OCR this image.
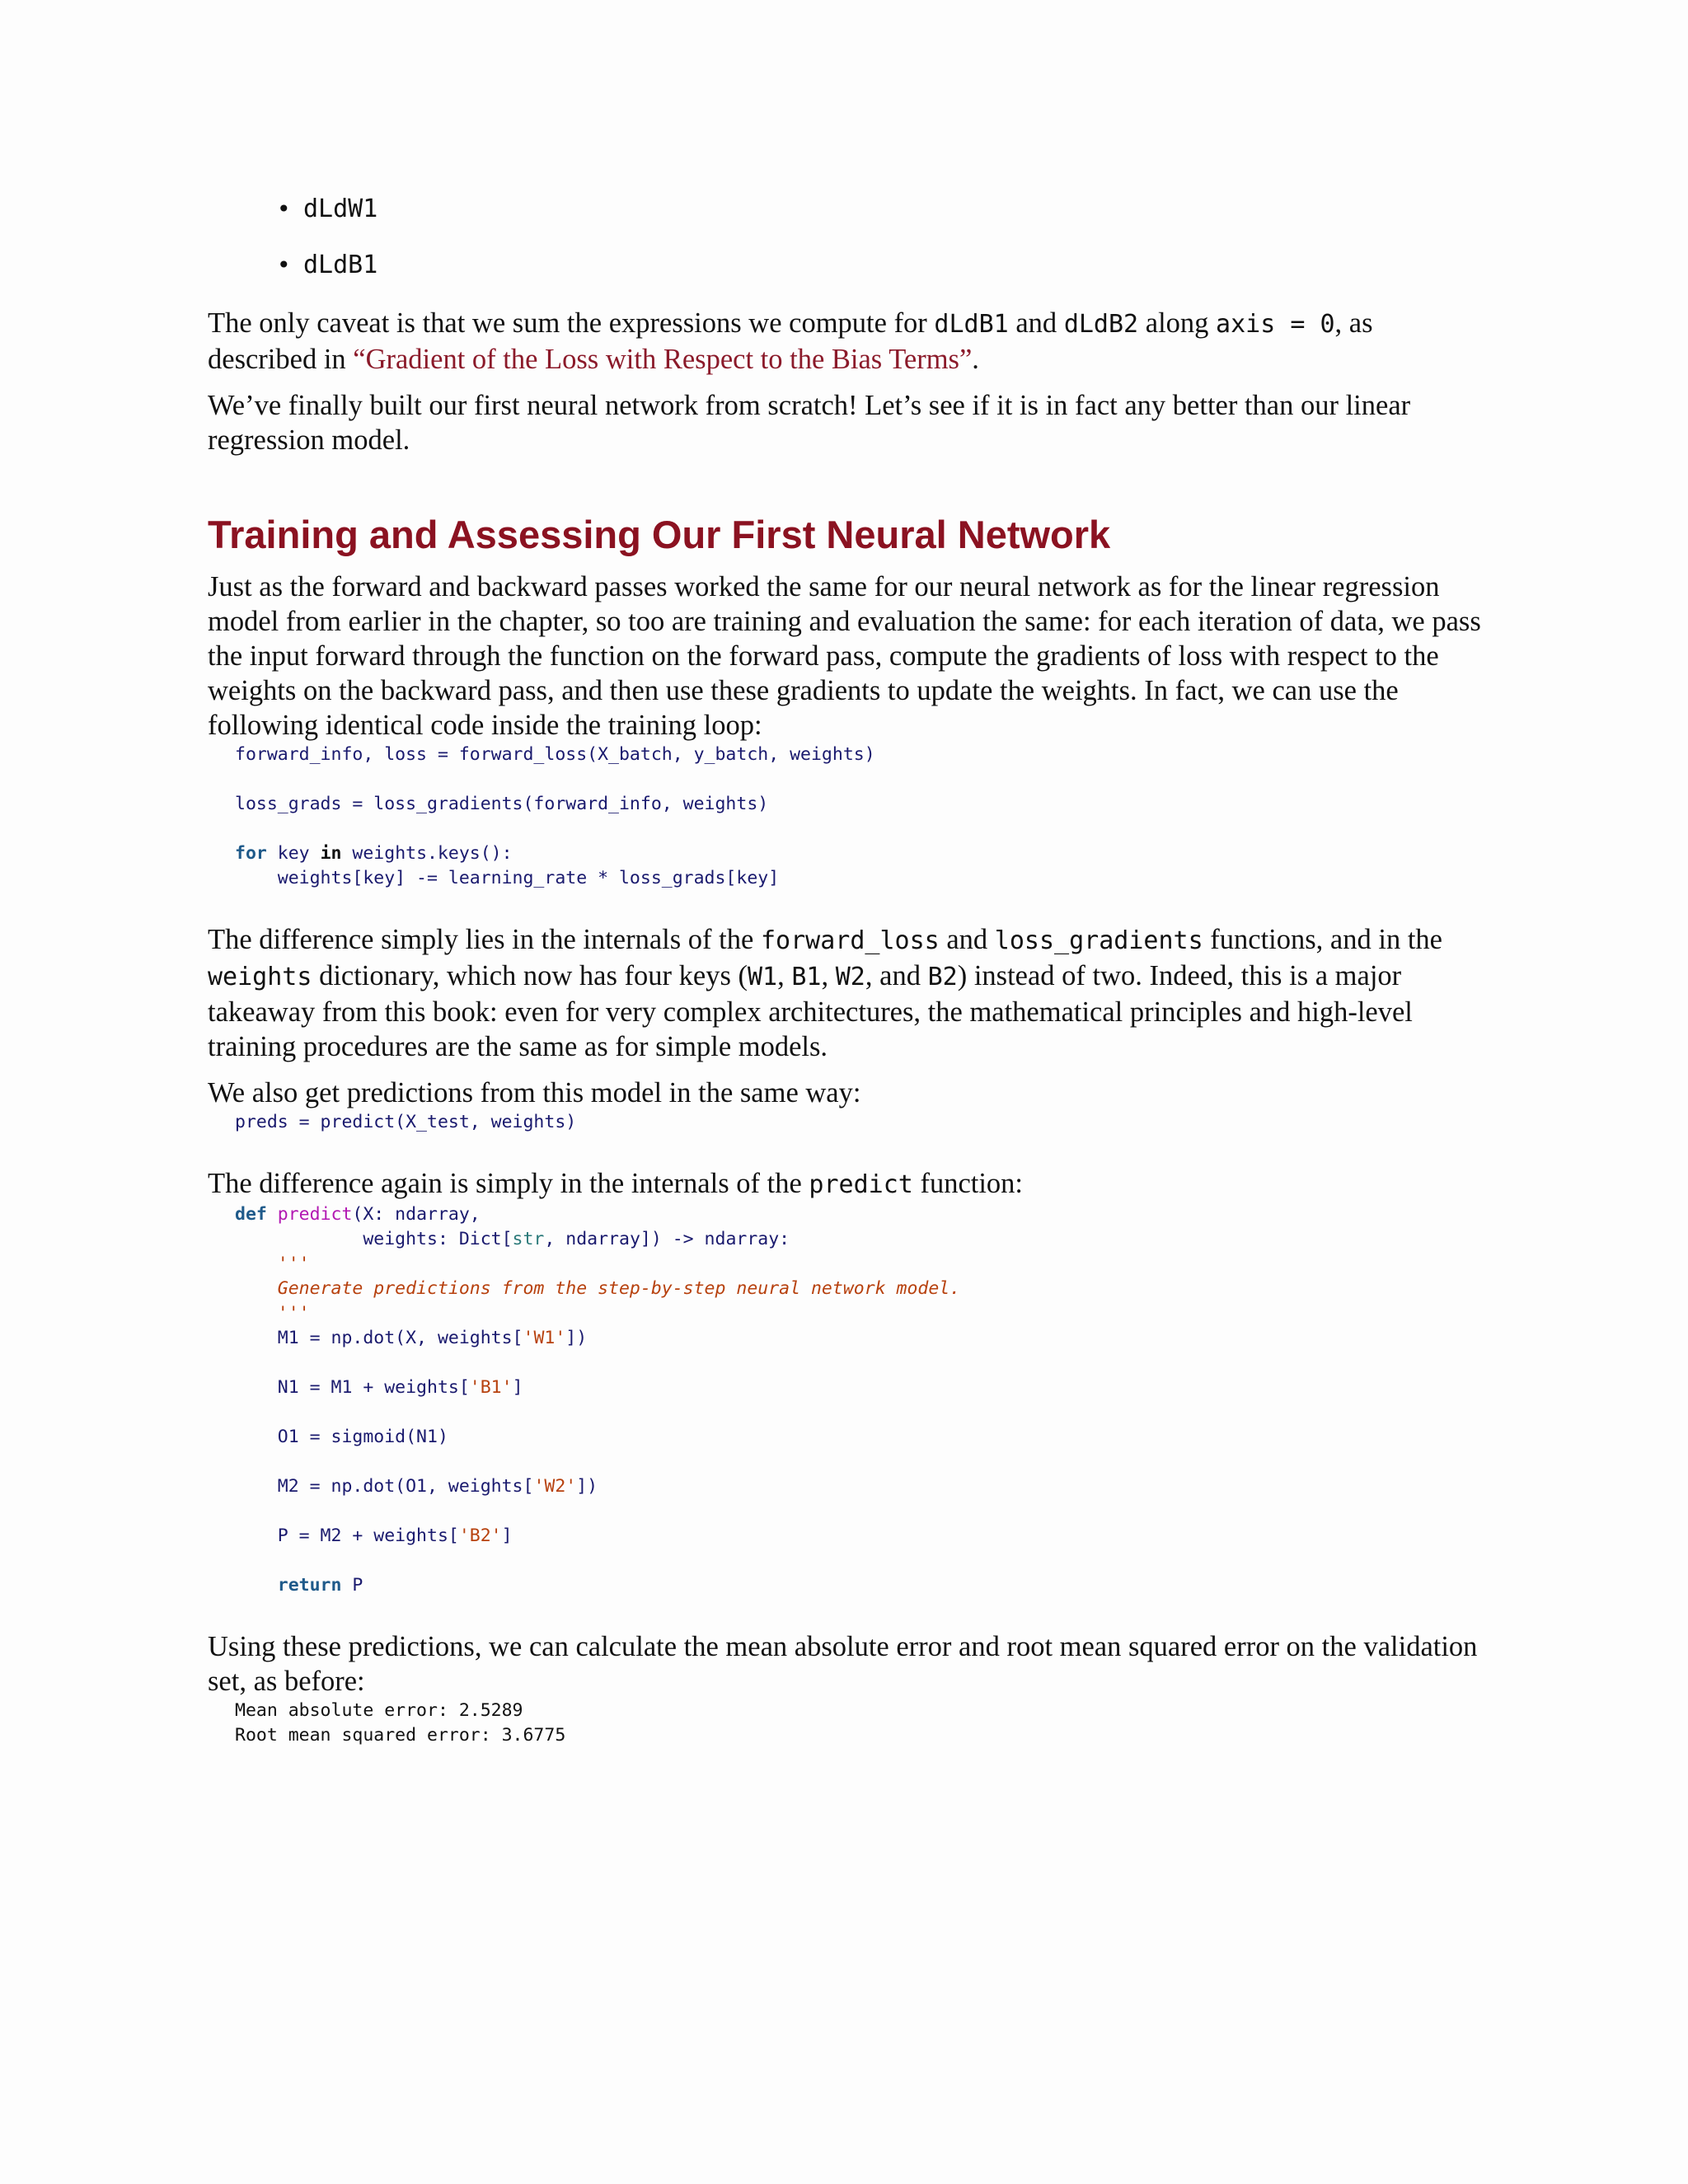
• dLdW1
• dLdB1

The only caveat is that we sum the expressions we compute for dLdB1 and dLdB2 along axis = 0, as described in “Gradient of the Loss with Respect to the Bias Terms”.

We’ve finally built our first neural network from scratch! Let’s see if it is in fact any better than our linear regression model.

Training and Assessing Our First Neural Network

Just as the forward and backward passes worked the same for our neural network as for the linear regression model from earlier in the chapter, so too are training and evaluation the same: for each iteration of data, we pass the input forward through the function on the forward pass, compute the gradients of loss with respect to the weights on the backward pass, and then use these gradients to update the weights. In fact, we can use the following identical code inside the training loop:

forward_info, loss = forward_loss(X_batch, y_batch, weights)

loss_grads = loss_gradients(forward_info, weights)

for key in weights.keys():
weights[key] -= learning_rate * loss_grads[key]

The difference simply lies in the internals of the forward_loss and loss_gradients functions, and in the weights dictionary, which now has four keys (W1, B1, W2, and B2) instead of two. Indeed, this is a major takeaway from this book: even for very complex architectures, the mathematical principles and high-level training procedures are the same as for simple models.

We also get predictions from this model in the same way:

preds = predict(X_test, weights)

The difference again is simply in the internals of the predict function:

def predict(X: ndarray,
weights: Dict[str, ndarray]) -> ndarray:
'''
Generate predictions from the step-by-step neural network model.
'''
M1 = np.dot(X, weights['W1'])

N1 = M1 + weights['B1']

O1 = sigmoid(N1)

M2 = np.dot(O1, weights['W2'])

P = M2 + weights['B2']

return P

Using these predictions, we can calculate the mean absolute error and root mean squared error on the validation set, as before:

Mean absolute error: 2.5289
Root mean squared error: 3.6775
